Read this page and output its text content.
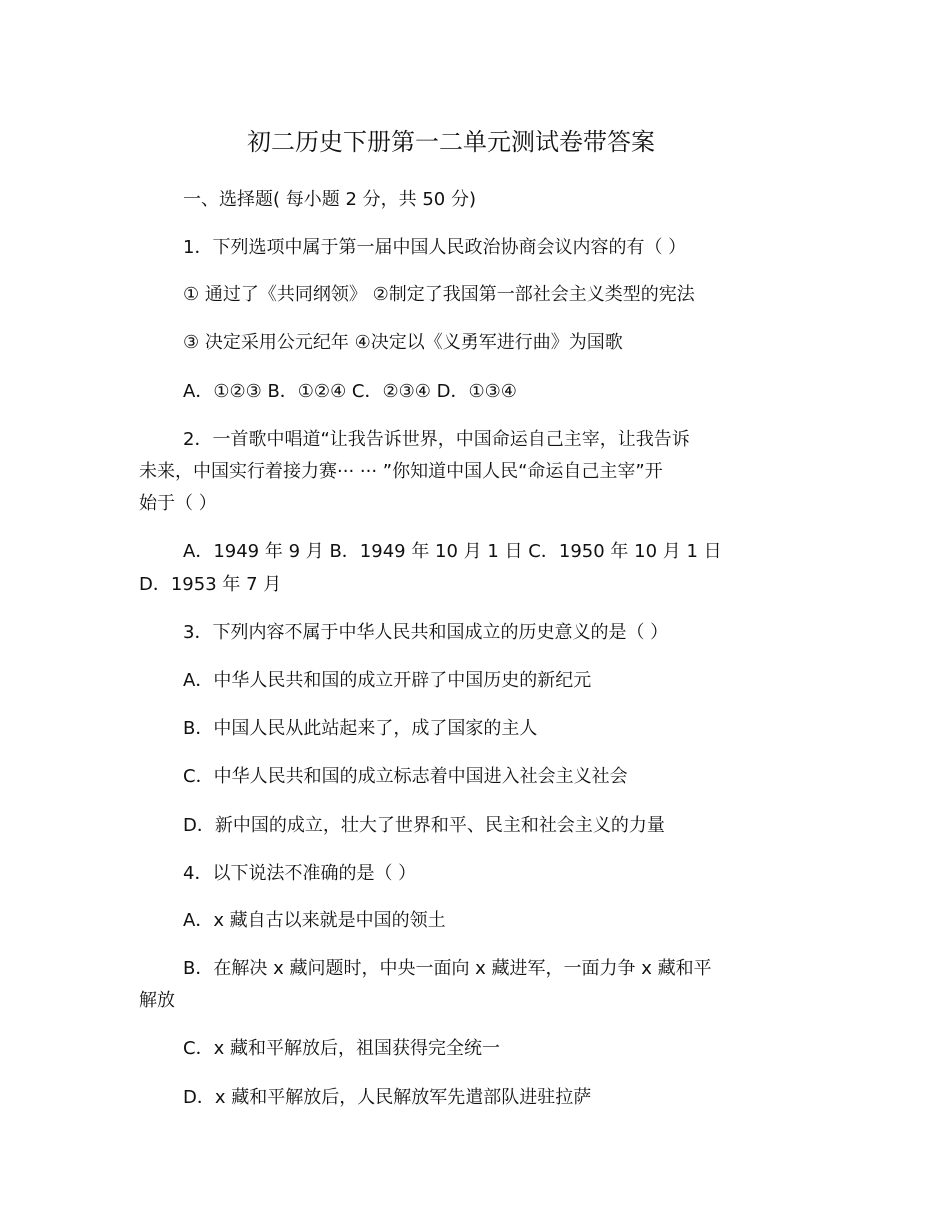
初二历史下册第一二单元测试卷带答案
一、选择题( 每小题 2 分，共 50 分)
1．下列选项中属于第一届中国人民政治协商会议内容的有（ ）
① 通过了《共同纲领》 ②制定了我国第一部社会主义类型的宪法
③ 决定采用公元纪年 ④决定以《义勇军进行曲》为国歌
A．①②③ B．①②④ C．②③④ D．①③④
2．一首歌中唱道“让我告诉世界，中国命运自己主宰，让我告诉
未来，中国实行着接力赛··· ··· ”你知道中国人民“命运自己主宰”开
始于（ ）
A．1949 年 9 月 B．1949 年 10 月 1 日 C．1950 年 10 月 1 日
D．1953 年 7 月
3．下列内容不属于中华人民共和国成立的历史意义的是（ ）
A．中华人民共和国的成立开辟了中国历史的新纪元
B．中国人民从此站起来了，成了国家的主人
C．中华人民共和国的成立标志着中国进入社会主义社会
D．新中国的成立，壮大了世界和平、民主和社会主义的力量
4．以下说法不准确的是（ ）
A．x 藏自古以来就是中国的领土
B．在解决 x 藏问题时，中央一面向 x 藏进军，一面力争 x 藏和平
解放
C．x 藏和平解放后，祖国获得完全统一
D．x 藏和平解放后，人民解放军先遣部队进驻拉萨
